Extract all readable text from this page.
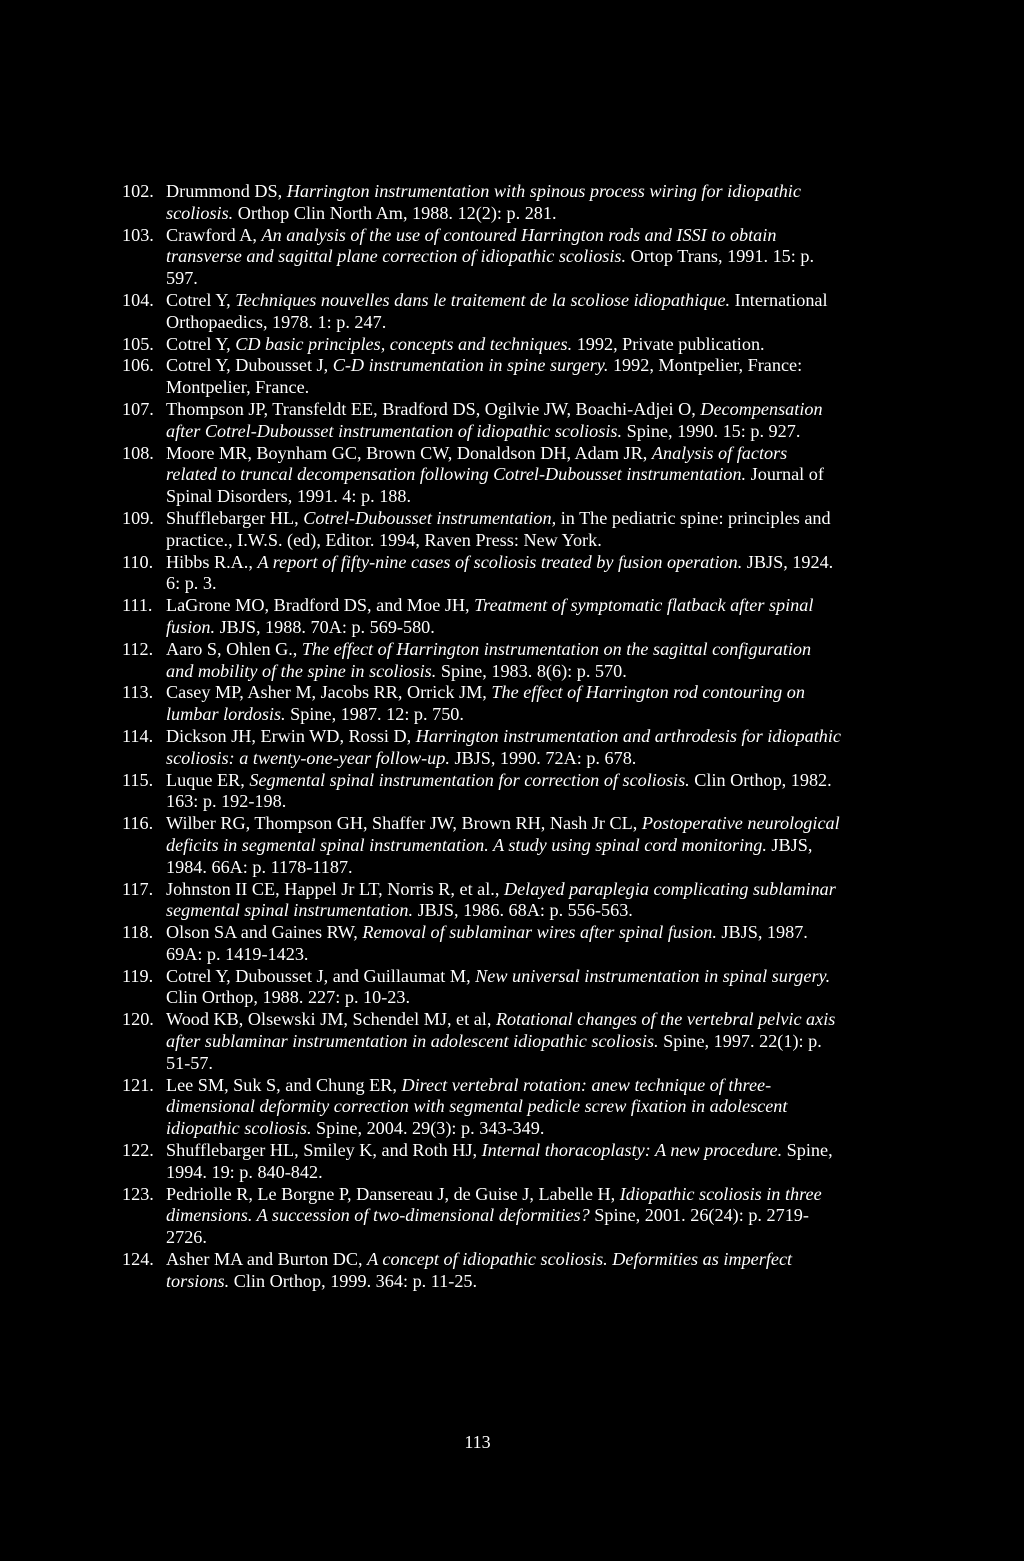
102. Drummond DS, Harrington instrumentation with spinous process wiring for idiopathic scoliosis. Orthop Clin North Am, 1988. 12(2): p. 281.
103. Crawford A, An analysis of the use of contoured Harrington rods and ISSI to obtain transverse and sagittal plane correction of idiopathic scoliosis. Ortop Trans, 1991. 15: p. 597.
104. Cotrel Y, Techniques nouvelles dans le traitement de la scoliose idiopathique. International Orthopaedics, 1978. 1: p. 247.
105. Cotrel Y, CD basic principles, concepts and techniques. 1992, Private publication.
106. Cotrel Y, Dubousset J, C-D instrumentation in spine surgery. 1992, Montpelier, France: Montpelier, France.
107. Thompson JP, Transfeldt EE, Bradford DS, Ogilvie JW, Boachi-Adjei O, Decompensation after Cotrel-Dubousset instrumentation of idiopathic scoliosis. Spine, 1990. 15: p. 927.
108. Moore MR, Boynham GC, Brown CW, Donaldson DH, Adam JR, Analysis of factors related to truncal decompensation following Cotrel-Dubousset instrumentation. Journal of Spinal Disorders, 1991. 4: p. 188.
109. Shufflebarger HL, Cotrel-Dubousset instrumentation, in The pediatric spine: principles and practice., I.W.S. (ed), Editor. 1994, Raven Press: New York.
110. Hibbs R.A., A report of fifty-nine cases of scoliosis treated by fusion operation. JBJS, 1924. 6: p. 3.
111. LaGrone MO, Bradford DS, and Moe JH, Treatment of symptomatic flatback after spinal fusion. JBJS, 1988. 70A: p. 569-580.
112. Aaro S, Ohlen G., The effect of Harrington instrumentation on the sagittal configuration and mobility of the spine in scoliosis. Spine, 1983. 8(6): p. 570.
113. Casey MP, Asher M, Jacobs RR, Orrick JM, The effect of Harrington rod contouring on lumbar lordosis. Spine, 1987. 12: p. 750.
114. Dickson JH, Erwin WD, Rossi D, Harrington instrumentation and arthrodesis for idiopathic scoliosis: a twenty-one-year follow-up. JBJS, 1990. 72A: p. 678.
115. Luque ER, Segmental spinal instrumentation for correction of scoliosis. Clin Orthop, 1982. 163: p. 192-198.
116. Wilber RG, Thompson GH, Shaffer JW, Brown RH, Nash Jr CL, Postoperative neurological deficits in segmental spinal instrumentation. A study using spinal cord monitoring. JBJS, 1984. 66A: p. 1178-1187.
117. Johnston II CE, Happel Jr LT, Norris R, et al., Delayed paraplegia complicating sublaminar segmental spinal instrumentation. JBJS, 1986. 68A: p. 556-563.
118. Olson SA and Gaines RW, Removal of sublaminar wires after spinal fusion. JBJS, 1987. 69A: p. 1419-1423.
119. Cotrel Y, Dubousset J, and Guillaumat M, New universal instrumentation in spinal surgery. Clin Orthop, 1988. 227: p. 10-23.
120. Wood KB, Olsewski JM, Schendel MJ, et al, Rotational changes of the vertebral pelvic axis after sublaminar instrumentation in adolescent idiopathic scoliosis. Spine, 1997. 22(1): p. 51-57.
121. Lee SM, Suk S, and Chung ER, Direct vertebral rotation: anew technique of three-dimensional deformity correction with segmental pedicle screw fixation in adolescent idiopathic scoliosis. Spine, 2004. 29(3): p. 343-349.
122. Shufflebarger HL, Smiley K, and Roth HJ, Internal thoracoplasty: A new procedure. Spine, 1994. 19: p. 840-842.
123. Pedriolle R, Le Borgne P, Dansereau J, de Guise J, Labelle H, Idiopathic scoliosis in three dimensions. A succession of two-dimensional deformities? Spine, 2001. 26(24): p. 2719-2726.
124. Asher MA and Burton DC, A concept of idiopathic scoliosis. Deformities as imperfect torsions. Clin Orthop, 1999. 364: p. 11-25.
113
